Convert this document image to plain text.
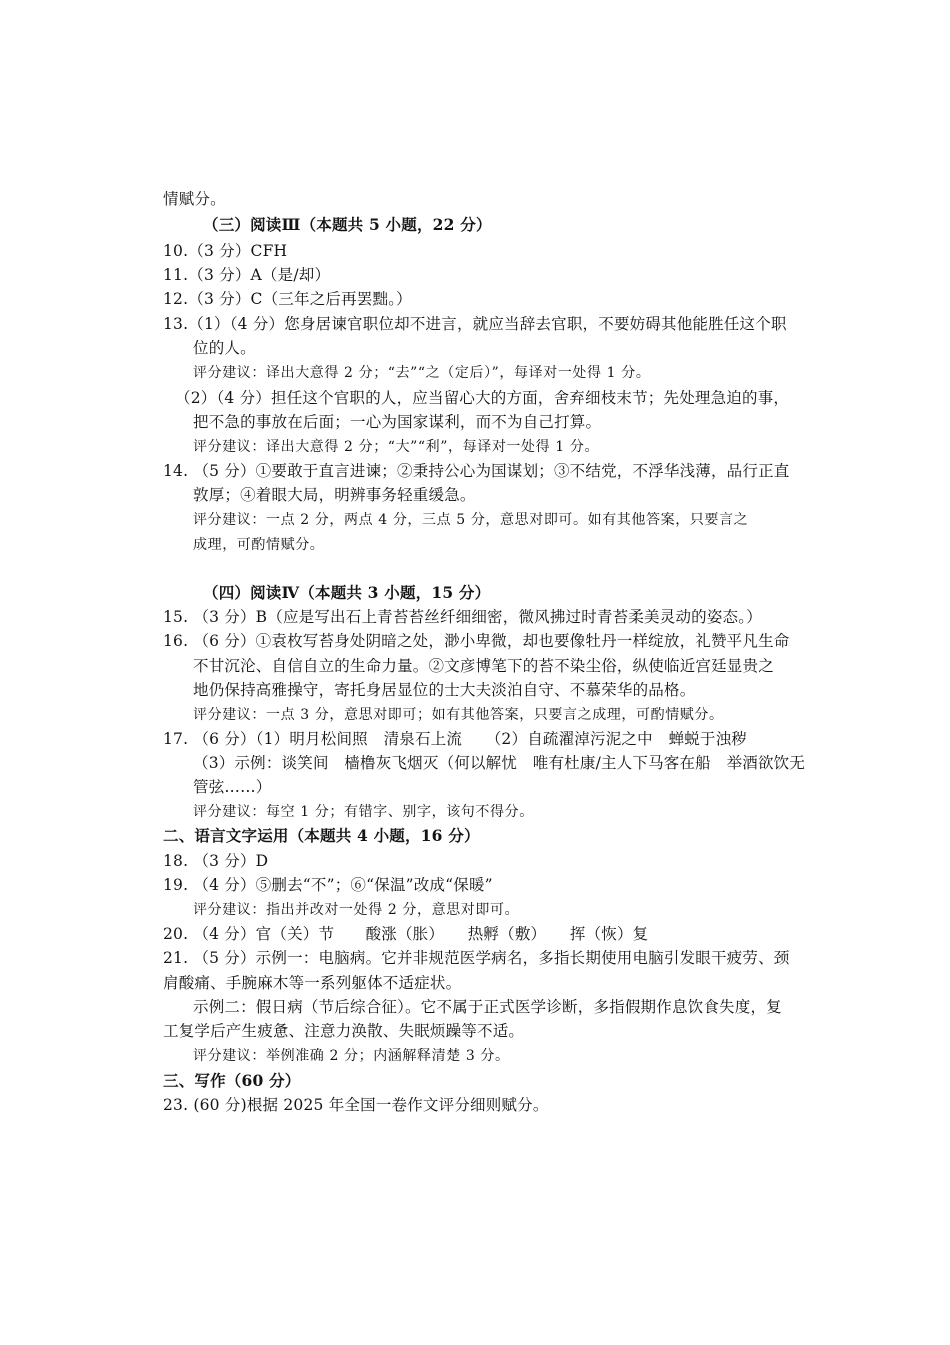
情赋分。
（三）阅读Ⅲ（本题共 5 小题，22 分）
10.（3 分）CFH
11.（3 分）A（是/却）
12.（3 分）C（三年之后再罢黜。）
13.（1）（4 分）您身居谏官职位却不进言，就应当辞去官职，不要妨碍其他能胜任这个职
位的人。
评分建议：译出大意得 2 分；“去”“之（定后）”，每译对一处得 1 分。
（2）（4 分）担任这个官职的人，应当留心大的方面，舍弃细枝末节；先处理急迫的事，
把不急的事放在后面；一心为国家谋利，而不为自己打算。
评分建议：译出大意得 2 分；“大”“利”，每译对一处得 1 分。
14. （5 分）①要敢于直言进谏；②秉持公心为国谋划；③不结党，不浮华浅薄，品行正直
敦厚；④着眼大局，明辨事务轻重缓急。
评分建议：一点 2 分，两点 4 分，三点 5 分，意思对即可。如有其他答案，只要言之
成理，可酌情赋分。
（四）阅读Ⅳ（本题共 3 小题，15 分）
15. （3 分）B（应是写出石上青苔苔丝纤细细密，微风拂过时青苔柔美灵动的姿态。）
16. （6 分）①袁枚写苔身处阴暗之处，渺小卑微，却也要像牡丹一样绽放，礼赞平凡生命
不甘沉沦、自信自立的生命力量。②文彦博笔下的苔不染尘俗，纵使临近宫廷显贵之
地仍保持高雅操守，寄托身居显位的士大夫淡泊自守、不慕荣华的品格。
评分建议：一点 3 分，意思对即可；如有其他答案，只要言之成理，可酌情赋分。
17. （6 分）（1）明月松间照　清泉石上流　　（2）自疏濯淖污泥之中　蝉蜕于浊秽
（3）示例：谈笑间　樯橹灰飞烟灭（何以解忧　唯有杜康/主人下马客在船　举酒欲饮无
管弦……）
评分建议：每空 1 分；有错字、别字，该句不得分。
二、语言文字运用（本题共 4 小题，16 分）
18. （3 分）D
19. （4 分）⑤删去“不”；⑥“保温”改成“保暖”
评分建议：指出并改对一处得 2 分，意思对即可。
20. （4 分）官（关）节　　酸涨（胀）　　热孵（敷）　　挥（恢）复
21. （5 分）示例一：电脑病。它并非规范医学病名，多指长期使用电脑引发眼干疲劳、颈
肩酸痛、手腕麻木等一系列躯体不适症状。
示例二：假日病（节后综合征）。它不属于正式医学诊断，多指假期作息饮食失度，复
工复学后产生疲惫、注意力涣散、失眠烦躁等不适。
评分建议：举例准确 2 分；内涵解释清楚 3 分。
三、写作（60 分）
23. (60 分)根据 2025 年全国一卷作文评分细则赋分。
